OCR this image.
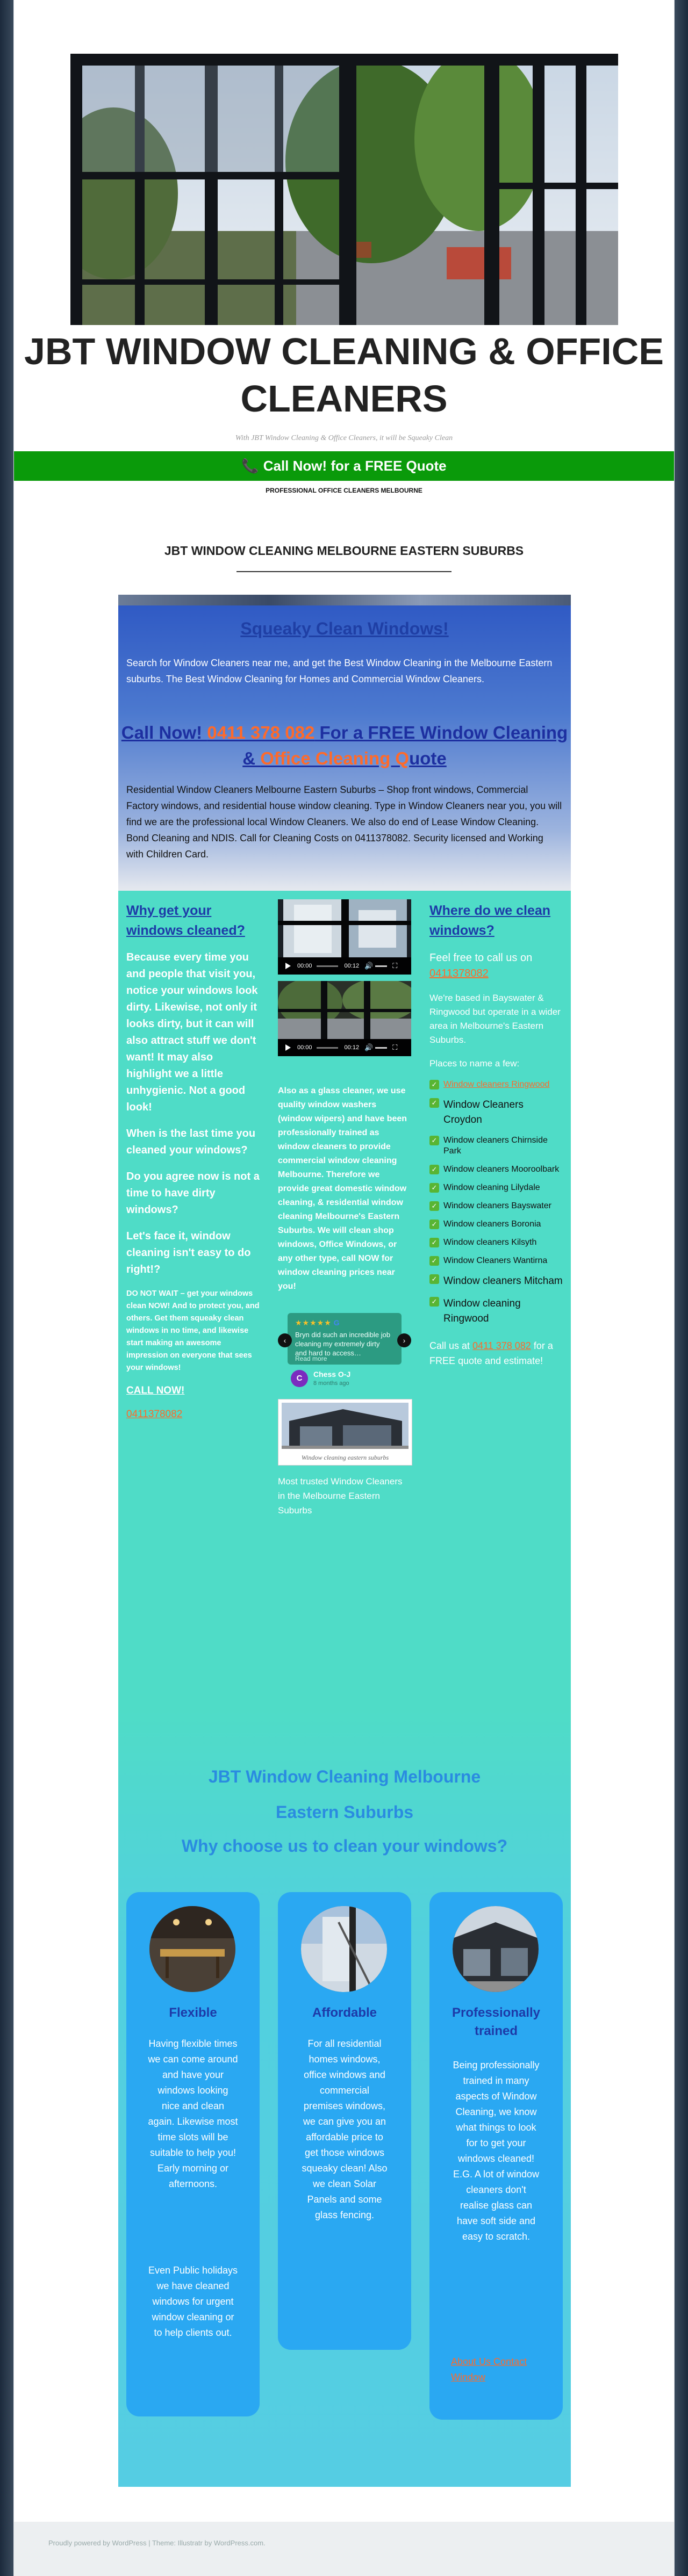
JBT WINDOW CLEANING & OFFICE CLEANERS
With JBT Window Cleaning & Office Cleaners, it will be Squeaky Clean
📞 Call Now! for a FREE Quote
PROFESSIONAL OFFICE CLEANERS MELBOURNE
JBT WINDOW CLEANING MELBOURNE EASTERN SUBURBS
Squeaky Clean Windows!
Search for Window Cleaners near me, and get the Best Window Cleaning in the Melbourne Eastern suburbs. The Best Window Cleaning for Homes and Commercial Window Cleaners.
Call Now! 0411 378 082 For a FREE Window Cleaning
& Office Cleaning Quote
Residential Window Cleaners Melbourne Eastern Suburbs – Shop front windows, Commercial Factory windows, and residential house window cleaning. Type in Window Cleaners near you, you will find we are the professional local Window Cleaners. We also do end of Lease Window Cleaning. Bond Cleaning and NDIS. Call for Cleaning Costs on 0411378082. Security licensed and Working with Children Card.
Why get your windows cleaned?

Because every time you and people that visit you, notice your windows look dirty. Likewise, not only it looks dirty, but it can will also attract stuff we don't want! It may also highlight we a little unhygienic. Not a good look!

When is the last time you cleaned your windows?

Do you agree now is not a time to have dirty windows?

Let's face it, window cleaning isn't easy to do right!?

DO NOT WAIT – get your windows clean NOW! And to protect you, and others. Get them squeaky clean windows in no time, and likewise start making an awesome impression on everyone that sees your windows!

CALL NOW!
0411378082
00:00	00:12 🔊	⛶
00:00	00:12 🔊	⛶

Also as a glass cleaner, we use quality window washers (window wipers) and have been professionally trained as window cleaners to provide commercial window cleaning Melbourne. Therefore we provide great domestic window cleaning, & residential window cleaning Melbourne's Eastern Suburbs. We will clean shop windows, Office Windows, or any other type, call NOW for window cleaning prices near you!

★★★★★ G
Bryn did such an incredible job cleaning my extremely dirty and hard to access…
Read more
‹	›
C	Chess O-J
8 months ago
Window cleaning eastern suburbs

Most trusted Window Cleaners in the Melbourne Eastern Suburbs

Where do we clean windows?

Feel free to call us on
0411378082

We're based in Bayswater & Ringwood but operate in a wider area in Melbourne's Eastern Suburbs.

Places to name a few:

✓ Window cleaners Ringwood

✓ Window Cleaners Croydon

✓ Window cleaners Chirnside Park

✓ Window cleaners Mooroolbark

✓ Window cleaning Lilydale

✓ Window cleaners Bayswater

✓ Window cleaners Boronia

✓ Window cleaners Kilsyth

✓ Window Cleaners Wantirna

✓ Window cleaners Mitcham

✓ Window cleaning Ringwood

Call us at 0411 378 082 for a FREE quote and estimate!

JBT Window Cleaning Melbourne
Eastern Suburbs
Why choose us to clean your windows?
Flexible

Having flexible times we can come around and have your windows looking nice and clean again. Likewise most time slots will be suitable to help you! Early morning or afternoons.

Even Public holidays we have cleaned windows for urgent window cleaning or to help clients out.

Affordable

For all residential homes windows, office windows and commercial premises windows, we can give you an affordable price to get those windows squeaky clean! Also we clean Solar Panels and some glass fencing.

Professionally trained

Being professionally trained in many aspects of Window Cleaning, we know what things to look for to get your windows cleaned! E.G. A lot of window cleaners don't realise glass can have soft side and easy to scratch.

About Us Contact Window
Proudly powered by WordPress | Theme: Illustratr by WordPress.com.
